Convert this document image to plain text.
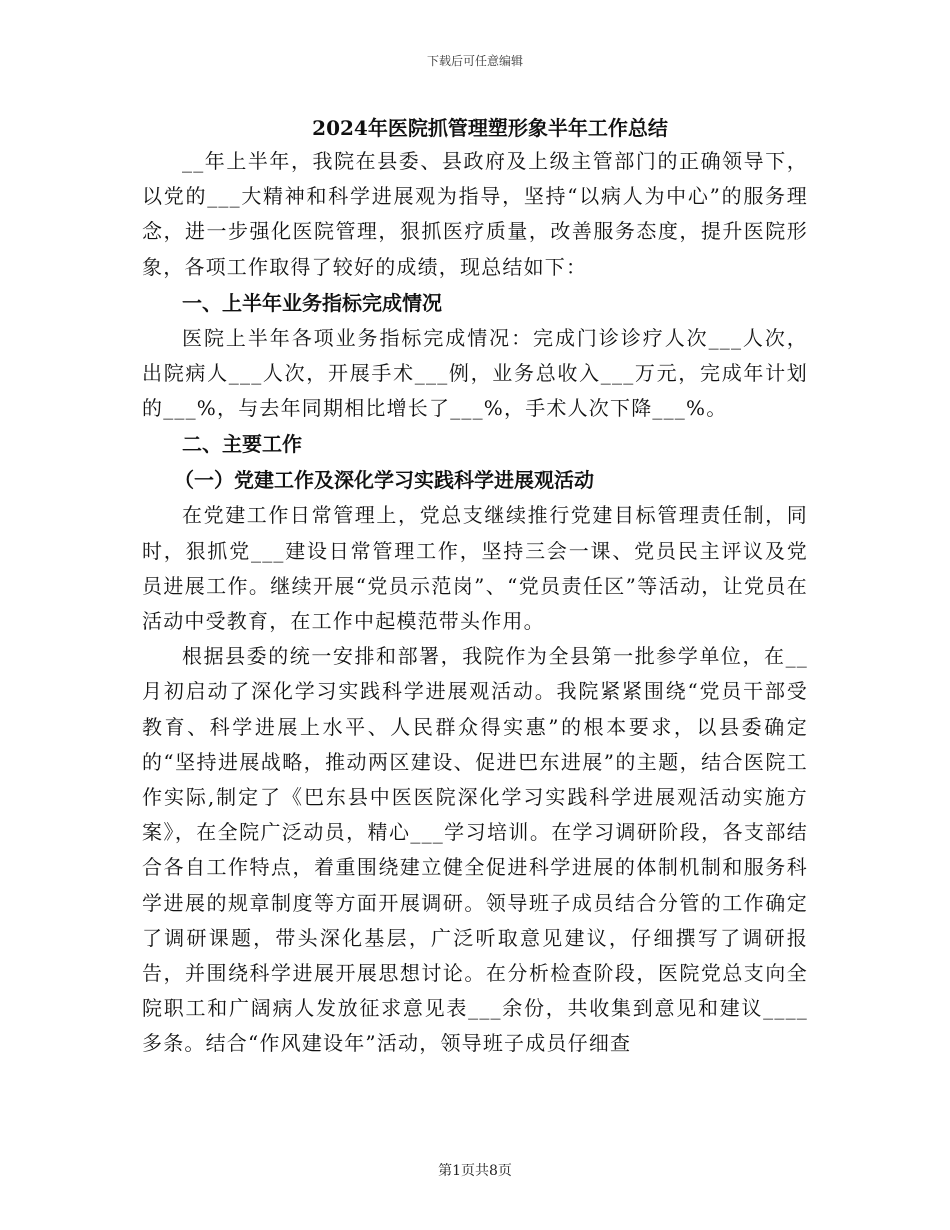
下载后可任意编辑

2024年医院抓管理塑形象半年工作总结

__年上半年，我院在县委、县政府及上级主管部门的正确领导下，以党的___大精神和科学进展观为指导，坚持“以病人为中心”的服务理念，进一步强化医院管理，狠抓医疗质量，改善服务态度，提升医院形象，各项工作取得了较好的成绩，现总结如下：

一、上半年业务指标完成情况

医院上半年各项业务指标完成情况：完成门诊诊疗人次___人次，出院病人___人次，开展手术___例，业务总收入___万元，完成年计划的___%，与去年同期相比增长了___%，手术人次下降___%。

二、主要工作

（一）党建工作及深化学习实践科学进展观活动

在党建工作日常管理上，党总支继续推行党建目标管理责任制，同时，狠抓党___建设日常管理工作，坚持三会一课、党员民主评议及党员进展工作。继续开展“党员示范岗”、“党员责任区”等活动，让党员在活动中受教育，在工作中起模范带头作用。

根据县委的统一安排和部署，我院作为全县第一批参学单位，在__月初启动了深化学习实践科学进展观活动。我院紧紧围绕“党员干部受教育、科学进展上水平、人民群众得实惠”的根本要求，以县委确定的“坚持进展战略，推动两区建设、促进巴东进展”的主题，结合医院工作实际,制定了《巴东县中医医院深化学习实践科学进展观活动实施方案》，在全院广泛动员，精心___学习培训。在学习调研阶段，各支部结合各自工作特点，着重围绕建立健全促进科学进展的体制机制和服务科学进展的规章制度等方面开展调研。领导班子成员结合分管的工作确定了调研课题，带头深化基层，广泛听取意见建议，仔细撰写了调研报告，并围绕科学进展开展思想讨论。在分析检查阶段，医院党总支向全院职工和广阔病人发放征求意见表___余份，共收集到意见和建议____多条。结合“作风建设年”活动，领导班子成员仔细查

第1页共8页
